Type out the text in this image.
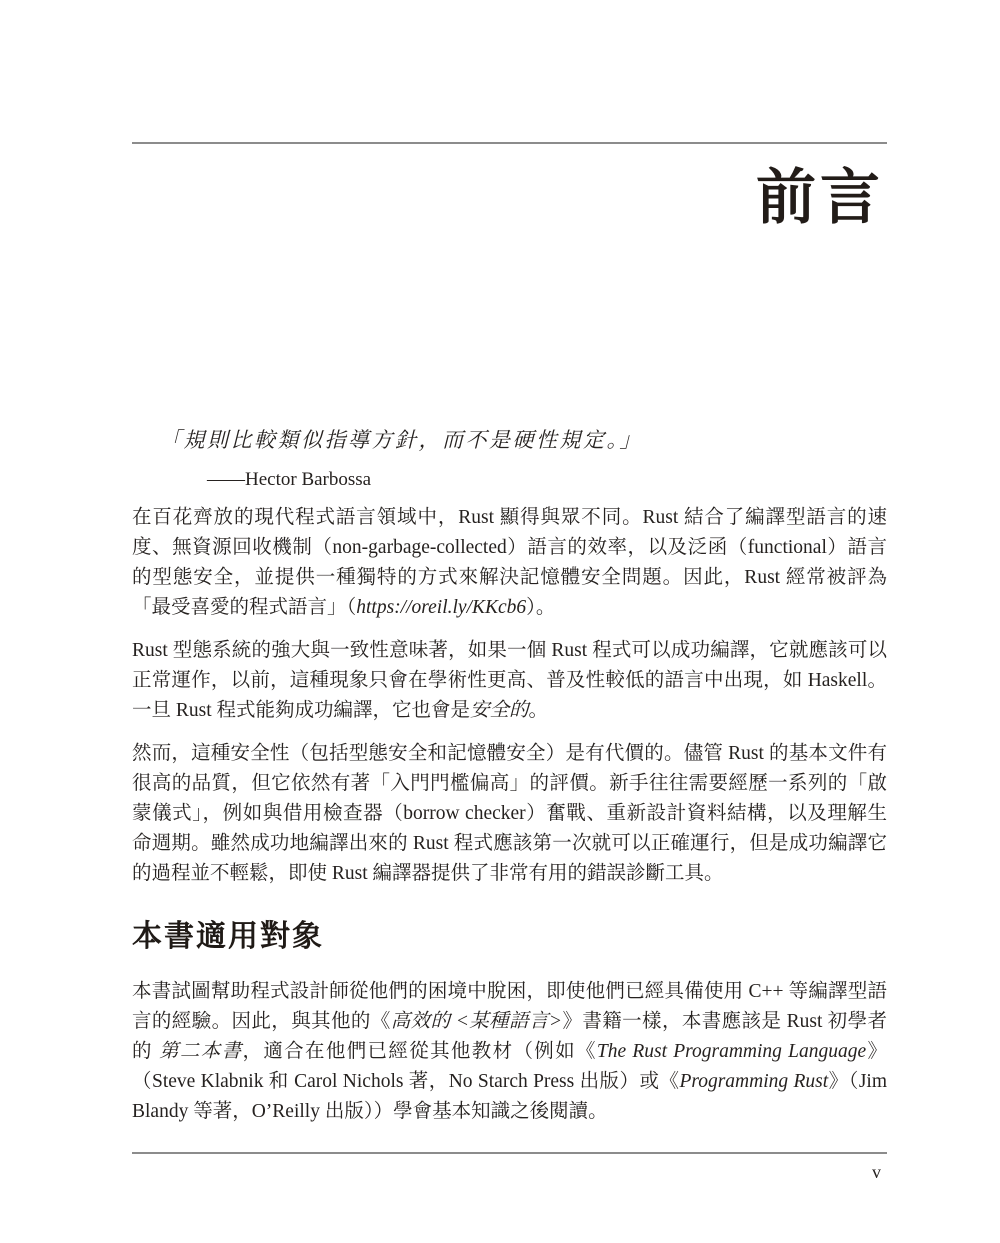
前言

「規則比較類似指導方針，而不是硬性規定。」

——Hector Barbossa

在百花齊放的現代程式語言領域中，Rust 顯得與眾不同。Rust 結合了編譯型語言的速度、無資源回收機制（non-garbage-collected）語言的效率，以及泛函（functional）語言的型態安全，並提供一種獨特的方式來解決記憶體安全問題。因此，Rust 經常被評為「最受喜愛的程式語言」（https://oreil.ly/KKcb6）。

Rust 型態系統的強大與一致性意味著，如果一個 Rust 程式可以成功編譯，它就應該可以正常運作，以前，這種現象只會在學術性更高、普及性較低的語言中出現，如 Haskell。一旦 Rust 程式能夠成功編譯，它也會是安全的。

然而，這種安全性（包括型態安全和記憶體安全）是有代價的。儘管 Rust 的基本文件有很高的品質，但它依然有著「入門門檻偏高」的評價。新手往往需要經歷一系列的「啟蒙儀式」，例如與借用檢查器（borrow checker）奮戰、重新設計資料結構，以及理解生命週期。雖然成功地編譯出來的 Rust 程式應該第一次就可以正確運行，但是成功編譯它的過程並不輕鬆，即使 Rust 編譯器提供了非常有用的錯誤診斷工具。

本書適用對象

本書試圖幫助程式設計師從他們的困境中脫困，即使他們已經具備使用 C++ 等編譯型語言的經驗。因此，與其他的《高效的 <某種語言>》書籍一樣，本書應該是 Rust 初學者的 第二本書，適合在他們已經從其他教材（例如《The Rust Programming Language》（Steve Klabnik 和 Carol Nichols 著，No Starch Press 出版）或《Programming Rust》（Jim Blandy 等著，O’Reilly 出版））學會基本知識之後閱讀。

v
